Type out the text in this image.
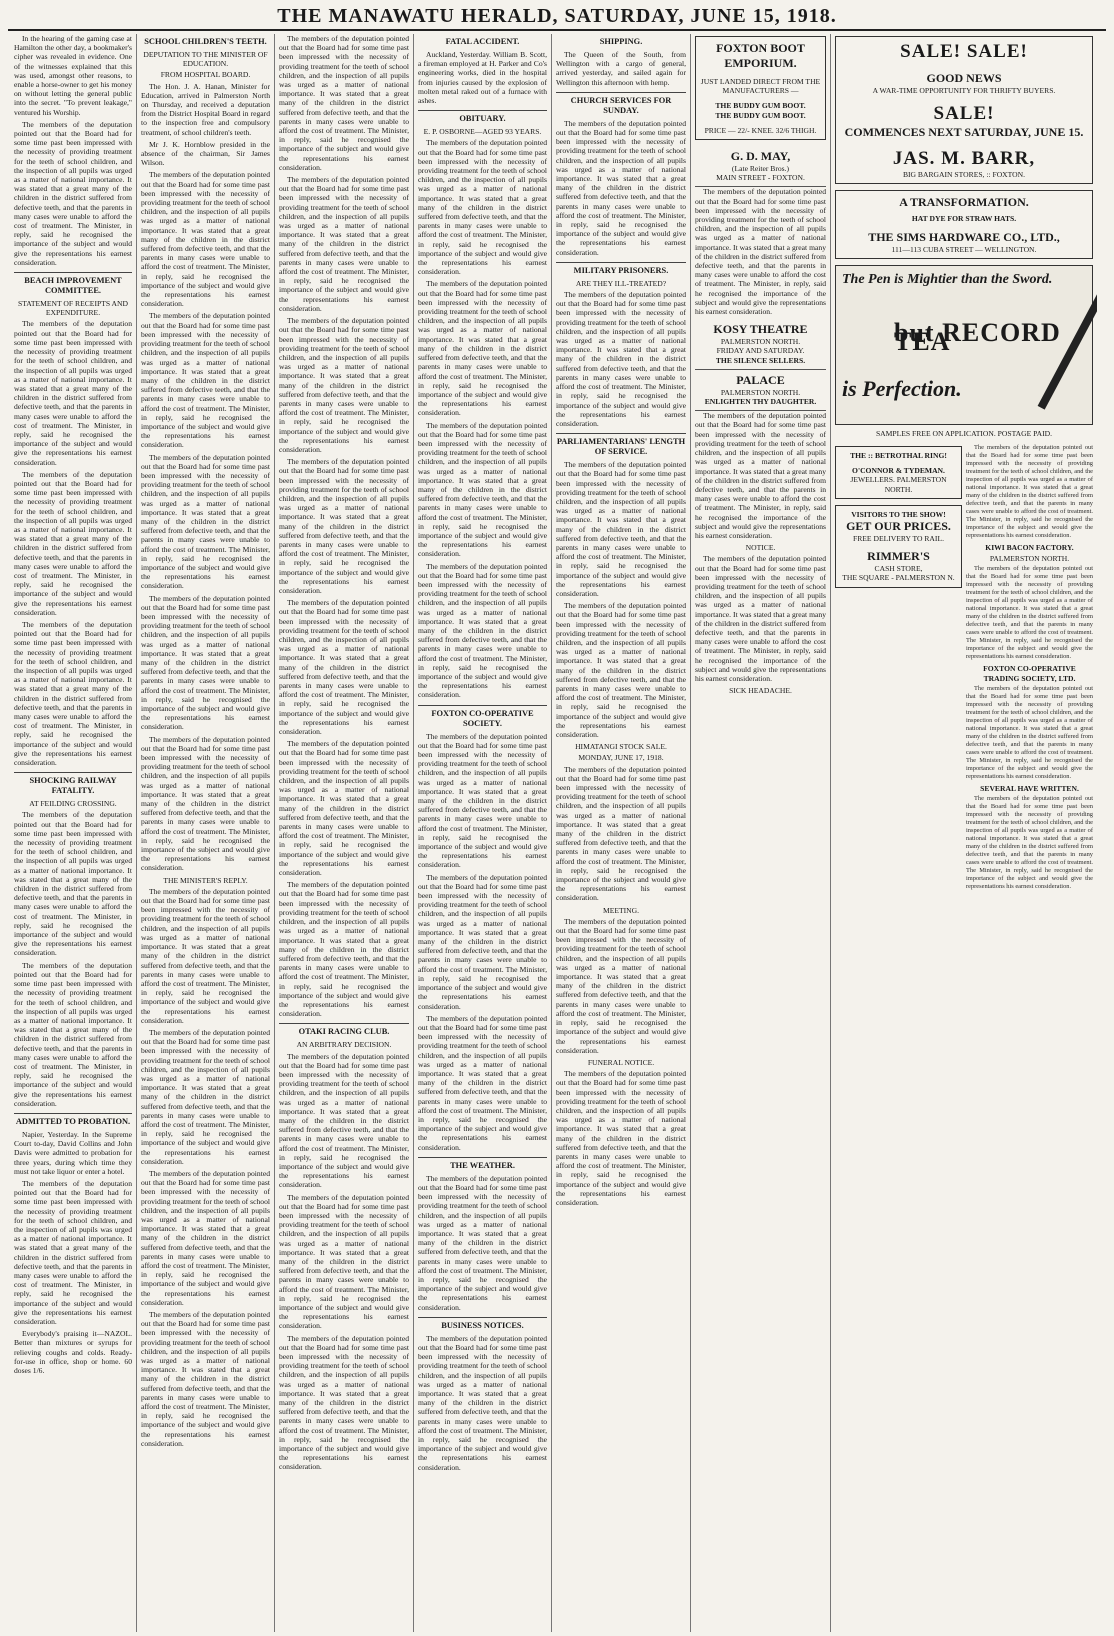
THE MANAWATU HERALD, SATURDAY, JUNE 15, 1918.

In the hearing of the gaming case at Hamilton the other day, a bookmaker's cipher was revealed in evidence. One of the witnesses explained that this was used, amongst other reasons, to enable a horse-owner to get his money on without letting the general public into the secret. "To prevent leakage," ventured his Worship.

The members of the deputation pointed out that the Board had for some time past been impressed with the necessity of providing treatment for the teeth of school children, and the inspection of all pupils was urged as a matter of national importance. It was stated that a great many of the children in the district suffered from defective teeth, and that the parents in many cases were unable to afford the cost of treatment. The Minister, in reply, said he recognised the importance of the subject and would give the representations his earnest consideration.

BEACH IMPROVEMENT COMMITTEE.
STATEMENT OF RECEIPTS AND EXPENDITURE.

The members of the deputation pointed out that the Board had for some time past been impressed with the necessity of providing treatment for the teeth of school children, and the inspection of all pupils was urged as a matter of national importance. It was stated that a great many of the children in the district suffered from defective teeth, and that the parents in many cases were unable to afford the cost of treatment. The Minister, in reply, said he recognised the importance of the subject and would give the representations his earnest consideration.

The members of the deputation pointed out that the Board had for some time past been impressed with the necessity of providing treatment for the teeth of school children, and the inspection of all pupils was urged as a matter of national importance. It was stated that a great many of the children in the district suffered from defective teeth, and that the parents in many cases were unable to afford the cost of treatment. The Minister, in reply, said he recognised the importance of the subject and would give the representations his earnest consideration.

The members of the deputation pointed out that the Board had for some time past been impressed with the necessity of providing treatment for the teeth of school children, and the inspection of all pupils was urged as a matter of national importance. It was stated that a great many of the children in the district suffered from defective teeth, and that the parents in many cases were unable to afford the cost of treatment. The Minister, in reply, said he recognised the importance of the subject and would give the representations his earnest consideration.

SHOCKING RAILWAY FATALITY.
AT FEILDING CROSSING.

The members of the deputation pointed out that the Board had for some time past been impressed with the necessity of providing treatment for the teeth of school children, and the inspection of all pupils was urged as a matter of national importance. It was stated that a great many of the children in the district suffered from defective teeth, and that the parents in many cases were unable to afford the cost of treatment. The Minister, in reply, said he recognised the importance of the subject and would give the representations his earnest consideration.

The members of the deputation pointed out that the Board had for some time past been impressed with the necessity of providing treatment for the teeth of school children, and the inspection of all pupils was urged as a matter of national importance. It was stated that a great many of the children in the district suffered from defective teeth, and that the parents in many cases were unable to afford the cost of treatment. The Minister, in reply, said he recognised the importance of the subject and would give the representations his earnest consideration.

ADMITTED TO PROBATION.

Napier, Yesterday. In the Supreme Court to-day, David Collins and John Davis were admitted to probation for three years, during which time they must not take liquor or enter a hotel.

The members of the deputation pointed out that the Board had for some time past been impressed with the necessity of providing treatment for the teeth of school children, and the inspection of all pupils was urged as a matter of national importance. It was stated that a great many of the children in the district suffered from defective teeth, and that the parents in many cases were unable to afford the cost of treatment. The Minister, in reply, said he recognised the importance of the subject and would give the representations his earnest consideration.

Everybody's praising it—NAZOL. Better than mixtures or syrups for relieving coughs and colds. Ready-for-use in office, shop or home. 60 doses 1/6.

SCHOOL CHILDREN'S TEETH.
DEPUTATION TO THE MINISTER OF EDUCATION.
FROM HOSPITAL BOARD.

The Hon. J. A. Hanan, Minister for Education, arrived in Palmerston North on Thursday, and received a deputation from the District Hospital Board in regard to the inspection free and compulsory treatment, of school children's teeth.

Mr J. K. Hornblow presided in the absence of the chairman, Sir James Wilson.

The members of the deputation pointed out that the Board had for some time past been impressed with the necessity of providing treatment for the teeth of school children, and the inspection of all pupils was urged as a matter of national importance. It was stated that a great many of the children in the district suffered from defective teeth, and that the parents in many cases were unable to afford the cost of treatment. The Minister, in reply, said he recognised the importance of the subject and would give the representations his earnest consideration.

The members of the deputation pointed out that the Board had for some time past been impressed with the necessity of providing treatment for the teeth of school children, and the inspection of all pupils was urged as a matter of national importance. It was stated that a great many of the children in the district suffered from defective teeth, and that the parents in many cases were unable to afford the cost of treatment. The Minister, in reply, said he recognised the importance of the subject and would give the representations his earnest consideration.

The members of the deputation pointed out that the Board had for some time past been impressed with the necessity of providing treatment for the teeth of school children, and the inspection of all pupils was urged as a matter of national importance. It was stated that a great many of the children in the district suffered from defective teeth, and that the parents in many cases were unable to afford the cost of treatment. The Minister, in reply, said he recognised the importance of the subject and would give the representations his earnest consideration.

The members of the deputation pointed out that the Board had for some time past been impressed with the necessity of providing treatment for the teeth of school children, and the inspection of all pupils was urged as a matter of national importance. It was stated that a great many of the children in the district suffered from defective teeth, and that the parents in many cases were unable to afford the cost of treatment. The Minister, in reply, said he recognised the importance of the subject and would give the representations his earnest consideration.

The members of the deputation pointed out that the Board had for some time past been impressed with the necessity of providing treatment for the teeth of school children, and the inspection of all pupils was urged as a matter of national importance. It was stated that a great many of the children in the district suffered from defective teeth, and that the parents in many cases were unable to afford the cost of treatment. The Minister, in reply, said he recognised the importance of the subject and would give the representations his earnest consideration.

THE MINISTER'S REPLY.

The members of the deputation pointed out that the Board had for some time past been impressed with the necessity of providing treatment for the teeth of school children, and the inspection of all pupils was urged as a matter of national importance. It was stated that a great many of the children in the district suffered from defective teeth, and that the parents in many cases were unable to afford the cost of treatment. The Minister, in reply, said he recognised the importance of the subject and would give the representations his earnest consideration.

The members of the deputation pointed out that the Board had for some time past been impressed with the necessity of providing treatment for the teeth of school children, and the inspection of all pupils was urged as a matter of national importance. It was stated that a great many of the children in the district suffered from defective teeth, and that the parents in many cases were unable to afford the cost of treatment. The Minister, in reply, said he recognised the importance of the subject and would give the representations his earnest consideration.

The members of the deputation pointed out that the Board had for some time past been impressed with the necessity of providing treatment for the teeth of school children, and the inspection of all pupils was urged as a matter of national importance. It was stated that a great many of the children in the district suffered from defective teeth, and that the parents in many cases were unable to afford the cost of treatment. The Minister, in reply, said he recognised the importance of the subject and would give the representations his earnest consideration.

The members of the deputation pointed out that the Board had for some time past been impressed with the necessity of providing treatment for the teeth of school children, and the inspection of all pupils was urged as a matter of national importance. It was stated that a great many of the children in the district suffered from defective teeth, and that the parents in many cases were unable to afford the cost of treatment. The Minister, in reply, said he recognised the importance of the subject and would give the representations his earnest consideration.

The members of the deputation pointed out that the Board had for some time past been impressed with the necessity of providing treatment for the teeth of school children, and the inspection of all pupils was urged as a matter of national importance. It was stated that a great many of the children in the district suffered from defective teeth, and that the parents in many cases were unable to afford the cost of treatment. The Minister, in reply, said he recognised the importance of the subject and would give the representations his earnest consideration.

The members of the deputation pointed out that the Board had for some time past been impressed with the necessity of providing treatment for the teeth of school children, and the inspection of all pupils was urged as a matter of national importance. It was stated that a great many of the children in the district suffered from defective teeth, and that the parents in many cases were unable to afford the cost of treatment. The Minister, in reply, said he recognised the importance of the subject and would give the representations his earnest consideration.

The members of the deputation pointed out that the Board had for some time past been impressed with the necessity of providing treatment for the teeth of school children, and the inspection of all pupils was urged as a matter of national importance. It was stated that a great many of the children in the district suffered from defective teeth, and that the parents in many cases were unable to afford the cost of treatment. The Minister, in reply, said he recognised the importance of the subject and would give the representations his earnest consideration.

The members of the deputation pointed out that the Board had for some time past been impressed with the necessity of providing treatment for the teeth of school children, and the inspection of all pupils was urged as a matter of national importance. It was stated that a great many of the children in the district suffered from defective teeth, and that the parents in many cases were unable to afford the cost of treatment. The Minister, in reply, said he recognised the importance of the subject and would give the representations his earnest consideration.

The members of the deputation pointed out that the Board had for some time past been impressed with the necessity of providing treatment for the teeth of school children, and the inspection of all pupils was urged as a matter of national importance. It was stated that a great many of the children in the district suffered from defective teeth, and that the parents in many cases were unable to afford the cost of treatment. The Minister, in reply, said he recognised the importance of the subject and would give the representations his earnest consideration.

The members of the deputation pointed out that the Board had for some time past been impressed with the necessity of providing treatment for the teeth of school children, and the inspection of all pupils was urged as a matter of national importance. It was stated that a great many of the children in the district suffered from defective teeth, and that the parents in many cases were unable to afford the cost of treatment. The Minister, in reply, said he recognised the importance of the subject and would give the representations his earnest consideration.

The members of the deputation pointed out that the Board had for some time past been impressed with the necessity of providing treatment for the teeth of school children, and the inspection of all pupils was urged as a matter of national importance. It was stated that a great many of the children in the district suffered from defective teeth, and that the parents in many cases were unable to afford the cost of treatment. The Minister, in reply, said he recognised the importance of the subject and would give the representations his earnest consideration.

OTAKI RACING CLUB.
AN ARBITRARY DECISION.

The members of the deputation pointed out that the Board had for some time past been impressed with the necessity of providing treatment for the teeth of school children, and the inspection of all pupils was urged as a matter of national importance. It was stated that a great many of the children in the district suffered from defective teeth, and that the parents in many cases were unable to afford the cost of treatment. The Minister, in reply, said he recognised the importance of the subject and would give the representations his earnest consideration.

The members of the deputation pointed out that the Board had for some time past been impressed with the necessity of providing treatment for the teeth of school children, and the inspection of all pupils was urged as a matter of national importance. It was stated that a great many of the children in the district suffered from defective teeth, and that the parents in many cases were unable to afford the cost of treatment. The Minister, in reply, said he recognised the importance of the subject and would give the representations his earnest consideration.

The members of the deputation pointed out that the Board had for some time past been impressed with the necessity of providing treatment for the teeth of school children, and the inspection of all pupils was urged as a matter of national importance. It was stated that a great many of the children in the district suffered from defective teeth, and that the parents in many cases were unable to afford the cost of treatment. The Minister, in reply, said he recognised the importance of the subject and would give the representations his earnest consideration.

FATAL ACCIDENT.

Auckland, Yesterday. William B. Scott, a fireman employed at H. Parker and Co's engineering works, died in the hospital from injuries caused by the explosion of molten metal raked out of a furnace with ashes.

OBITUARY.
E. P. OSBORNE—AGED 93 YEARS.

The members of the deputation pointed out that the Board had for some time past been impressed with the necessity of providing treatment for the teeth of school children, and the inspection of all pupils was urged as a matter of national importance. It was stated that a great many of the children in the district suffered from defective teeth, and that the parents in many cases were unable to afford the cost of treatment. The Minister, in reply, said he recognised the importance of the subject and would give the representations his earnest consideration.

The members of the deputation pointed out that the Board had for some time past been impressed with the necessity of providing treatment for the teeth of school children, and the inspection of all pupils was urged as a matter of national importance. It was stated that a great many of the children in the district suffered from defective teeth, and that the parents in many cases were unable to afford the cost of treatment. The Minister, in reply, said he recognised the importance of the subject and would give the representations his earnest consideration.

The members of the deputation pointed out that the Board had for some time past been impressed with the necessity of providing treatment for the teeth of school children, and the inspection of all pupils was urged as a matter of national importance. It was stated that a great many of the children in the district suffered from defective teeth, and that the parents in many cases were unable to afford the cost of treatment. The Minister, in reply, said he recognised the importance of the subject and would give the representations his earnest consideration.

The members of the deputation pointed out that the Board had for some time past been impressed with the necessity of providing treatment for the teeth of school children, and the inspection of all pupils was urged as a matter of national importance. It was stated that a great many of the children in the district suffered from defective teeth, and that the parents in many cases were unable to afford the cost of treatment. The Minister, in reply, said he recognised the importance of the subject and would give the representations his earnest consideration.

FOXTON CO-OPERATIVE SOCIETY.

The members of the deputation pointed out that the Board had for some time past been impressed with the necessity of providing treatment for the teeth of school children, and the inspection of all pupils was urged as a matter of national importance. It was stated that a great many of the children in the district suffered from defective teeth, and that the parents in many cases were unable to afford the cost of treatment. The Minister, in reply, said he recognised the importance of the subject and would give the representations his earnest consideration.

The members of the deputation pointed out that the Board had for some time past been impressed with the necessity of providing treatment for the teeth of school children, and the inspection of all pupils was urged as a matter of national importance. It was stated that a great many of the children in the district suffered from defective teeth, and that the parents in many cases were unable to afford the cost of treatment. The Minister, in reply, said he recognised the importance of the subject and would give the representations his earnest consideration.

The members of the deputation pointed out that the Board had for some time past been impressed with the necessity of providing treatment for the teeth of school children, and the inspection of all pupils was urged as a matter of national importance. It was stated that a great many of the children in the district suffered from defective teeth, and that the parents in many cases were unable to afford the cost of treatment. The Minister, in reply, said he recognised the importance of the subject and would give the representations his earnest consideration.

THE WEATHER.

The members of the deputation pointed out that the Board had for some time past been impressed with the necessity of providing treatment for the teeth of school children, and the inspection of all pupils was urged as a matter of national importance. It was stated that a great many of the children in the district suffered from defective teeth, and that the parents in many cases were unable to afford the cost of treatment. The Minister, in reply, said he recognised the importance of the subject and would give the representations his earnest consideration.

BUSINESS NOTICES.

The members of the deputation pointed out that the Board had for some time past been impressed with the necessity of providing treatment for the teeth of school children, and the inspection of all pupils was urged as a matter of national importance. It was stated that a great many of the children in the district suffered from defective teeth, and that the parents in many cases were unable to afford the cost of treatment. The Minister, in reply, said he recognised the importance of the subject and would give the representations his earnest consideration.

SHIPPING.

The Queen of the South, from Wellington with a cargo of general, arrived yesterday, and sailed again for Wellington this afternoon with hemp.

CHURCH SERVICES FOR SUNDAY.

The members of the deputation pointed out that the Board had for some time past been impressed with the necessity of providing treatment for the teeth of school children, and the inspection of all pupils was urged as a matter of national importance. It was stated that a great many of the children in the district suffered from defective teeth, and that the parents in many cases were unable to afford the cost of treatment. The Minister, in reply, said he recognised the importance of the subject and would give the representations his earnest consideration.

MILITARY PRISONERS.
ARE THEY ILL-TREATED?

The members of the deputation pointed out that the Board had for some time past been impressed with the necessity of providing treatment for the teeth of school children, and the inspection of all pupils was urged as a matter of national importance. It was stated that a great many of the children in the district suffered from defective teeth, and that the parents in many cases were unable to afford the cost of treatment. The Minister, in reply, said he recognised the importance of the subject and would give the representations his earnest consideration.

PARLIAMENTARIANS' LENGTH OF SERVICE.

The members of the deputation pointed out that the Board had for some time past been impressed with the necessity of providing treatment for the teeth of school children, and the inspection of all pupils was urged as a matter of national importance. It was stated that a great many of the children in the district suffered from defective teeth, and that the parents in many cases were unable to afford the cost of treatment. The Minister, in reply, said he recognised the importance of the subject and would give the representations his earnest consideration.

The members of the deputation pointed out that the Board had for some time past been impressed with the necessity of providing treatment for the teeth of school children, and the inspection of all pupils was urged as a matter of national importance. It was stated that a great many of the children in the district suffered from defective teeth, and that the parents in many cases were unable to afford the cost of treatment. The Minister, in reply, said he recognised the importance of the subject and would give the representations his earnest consideration.

HIMATANGI STOCK SALE.
MONDAY, JUNE 17, 1918.

The members of the deputation pointed out that the Board had for some time past been impressed with the necessity of providing treatment for the teeth of school children, and the inspection of all pupils was urged as a matter of national importance. It was stated that a great many of the children in the district suffered from defective teeth, and that the parents in many cases were unable to afford the cost of treatment. The Minister, in reply, said he recognised the importance of the subject and would give the representations his earnest consideration.

MEETING.

The members of the deputation pointed out that the Board had for some time past been impressed with the necessity of providing treatment for the teeth of school children, and the inspection of all pupils was urged as a matter of national importance. It was stated that a great many of the children in the district suffered from defective teeth, and that the parents in many cases were unable to afford the cost of treatment. The Minister, in reply, said he recognised the importance of the subject and would give the representations his earnest consideration.

FUNERAL NOTICE.

The members of the deputation pointed out that the Board had for some time past been impressed with the necessity of providing treatment for the teeth of school children, and the inspection of all pupils was urged as a matter of national importance. It was stated that a great many of the children in the district suffered from defective teeth, and that the parents in many cases were unable to afford the cost of treatment. The Minister, in reply, said he recognised the importance of the subject and would give the representations his earnest consideration.

FOXTON BOOT EMPORIUM.
JUST LANDED DIRECT FROM THE MANUFACTURERS —
THE BUDDY GUM BOOT.
THE BUDDY GUM BOOT.
PRICE — 22/- KNEE. 32/6 THIGH.
G. D. MAY,
(Late Reiter Bros.)
MAIN STREET - FOXTON.

The members of the deputation pointed out that the Board had for some time past been impressed with the necessity of providing treatment for the teeth of school children, and the inspection of all pupils was urged as a matter of national importance. It was stated that a great many of the children in the district suffered from defective teeth, and that the parents in many cases were unable to afford the cost of treatment. The Minister, in reply, said he recognised the importance of the subject and would give the representations his earnest consideration.

KOSY THEATRE
PALMERSTON NORTH.
FRIDAY AND SATURDAY.
THE SILENCE SELLERS.
PALACE
PALMERSTON NORTH.
ENLIGHTEN THY DAUGHTER.

The members of the deputation pointed out that the Board had for some time past been impressed with the necessity of providing treatment for the teeth of school children, and the inspection of all pupils was urged as a matter of national importance. It was stated that a great many of the children in the district suffered from defective teeth, and that the parents in many cases were unable to afford the cost of treatment. The Minister, in reply, said he recognised the importance of the subject and would give the representations his earnest consideration.

NOTICE.

The members of the deputation pointed out that the Board had for some time past been impressed with the necessity of providing treatment for the teeth of school children, and the inspection of all pupils was urged as a matter of national importance. It was stated that a great many of the children in the district suffered from defective teeth, and that the parents in many cases were unable to afford the cost of treatment. The Minister, in reply, said he recognised the importance of the subject and would give the representations his earnest consideration.

SICK HEADACHE.
SALE! SALE!
GOOD NEWS
A WAR-TIME OPPORTUNITY FOR THRIFTY BUYERS.
SALE!
COMMENCES NEXT SATURDAY, JUNE 15.
JAS. M. BARR,
BIG BARGAIN STORES, :: FOXTON.
A TRANSFORMATION.
HAT DYE FOR STRAW HATS.
THE SIMS HARDWARE CO., LTD.,
111—113 CUBA STREET — WELLINGTON.
The Pen is Mightier than the Sword.
but RECORD TEA
is Perfection.
SAMPLES FREE ON APPLICATION. POSTAGE PAID.
THE :: BETROTHAL RING!
O'CONNOR & TYDEMAN.
JEWELLERS. PALMERSTON NORTH.
VISITORS TO THE SHOW!
GET OUR PRICES.
FREE DELIVERY TO RAIL.
RIMMER'S
CASH STORE,
THE SQUARE - PALMERSTON N.

The members of the deputation pointed out that the Board had for some time past been impressed with the necessity of providing treatment for the teeth of school children, and the inspection of all pupils was urged as a matter of national importance. It was stated that a great many of the children in the district suffered from defective teeth, and that the parents in many cases were unable to afford the cost of treatment. The Minister, in reply, said he recognised the importance of the subject and would give the representations his earnest consideration.

KIWI BACON FACTORY.
PALMERSTON NORTH.

The members of the deputation pointed out that the Board had for some time past been impressed with the necessity of providing treatment for the teeth of school children, and the inspection of all pupils was urged as a matter of national importance. It was stated that a great many of the children in the district suffered from defective teeth, and that the parents in many cases were unable to afford the cost of treatment. The Minister, in reply, said he recognised the importance of the subject and would give the representations his earnest consideration.

FOXTON CO-OPERATIVE TRADING SOCIETY, LTD.

The members of the deputation pointed out that the Board had for some time past been impressed with the necessity of providing treatment for the teeth of school children, and the inspection of all pupils was urged as a matter of national importance. It was stated that a great many of the children in the district suffered from defective teeth, and that the parents in many cases were unable to afford the cost of treatment. The Minister, in reply, said he recognised the importance of the subject and would give the representations his earnest consideration.

SEVERAL HAVE WRITTEN.

The members of the deputation pointed out that the Board had for some time past been impressed with the necessity of providing treatment for the teeth of school children, and the inspection of all pupils was urged as a matter of national importance. It was stated that a great many of the children in the district suffered from defective teeth, and that the parents in many cases were unable to afford the cost of treatment. The Minister, in reply, said he recognised the importance of the subject and would give the representations his earnest consideration.
